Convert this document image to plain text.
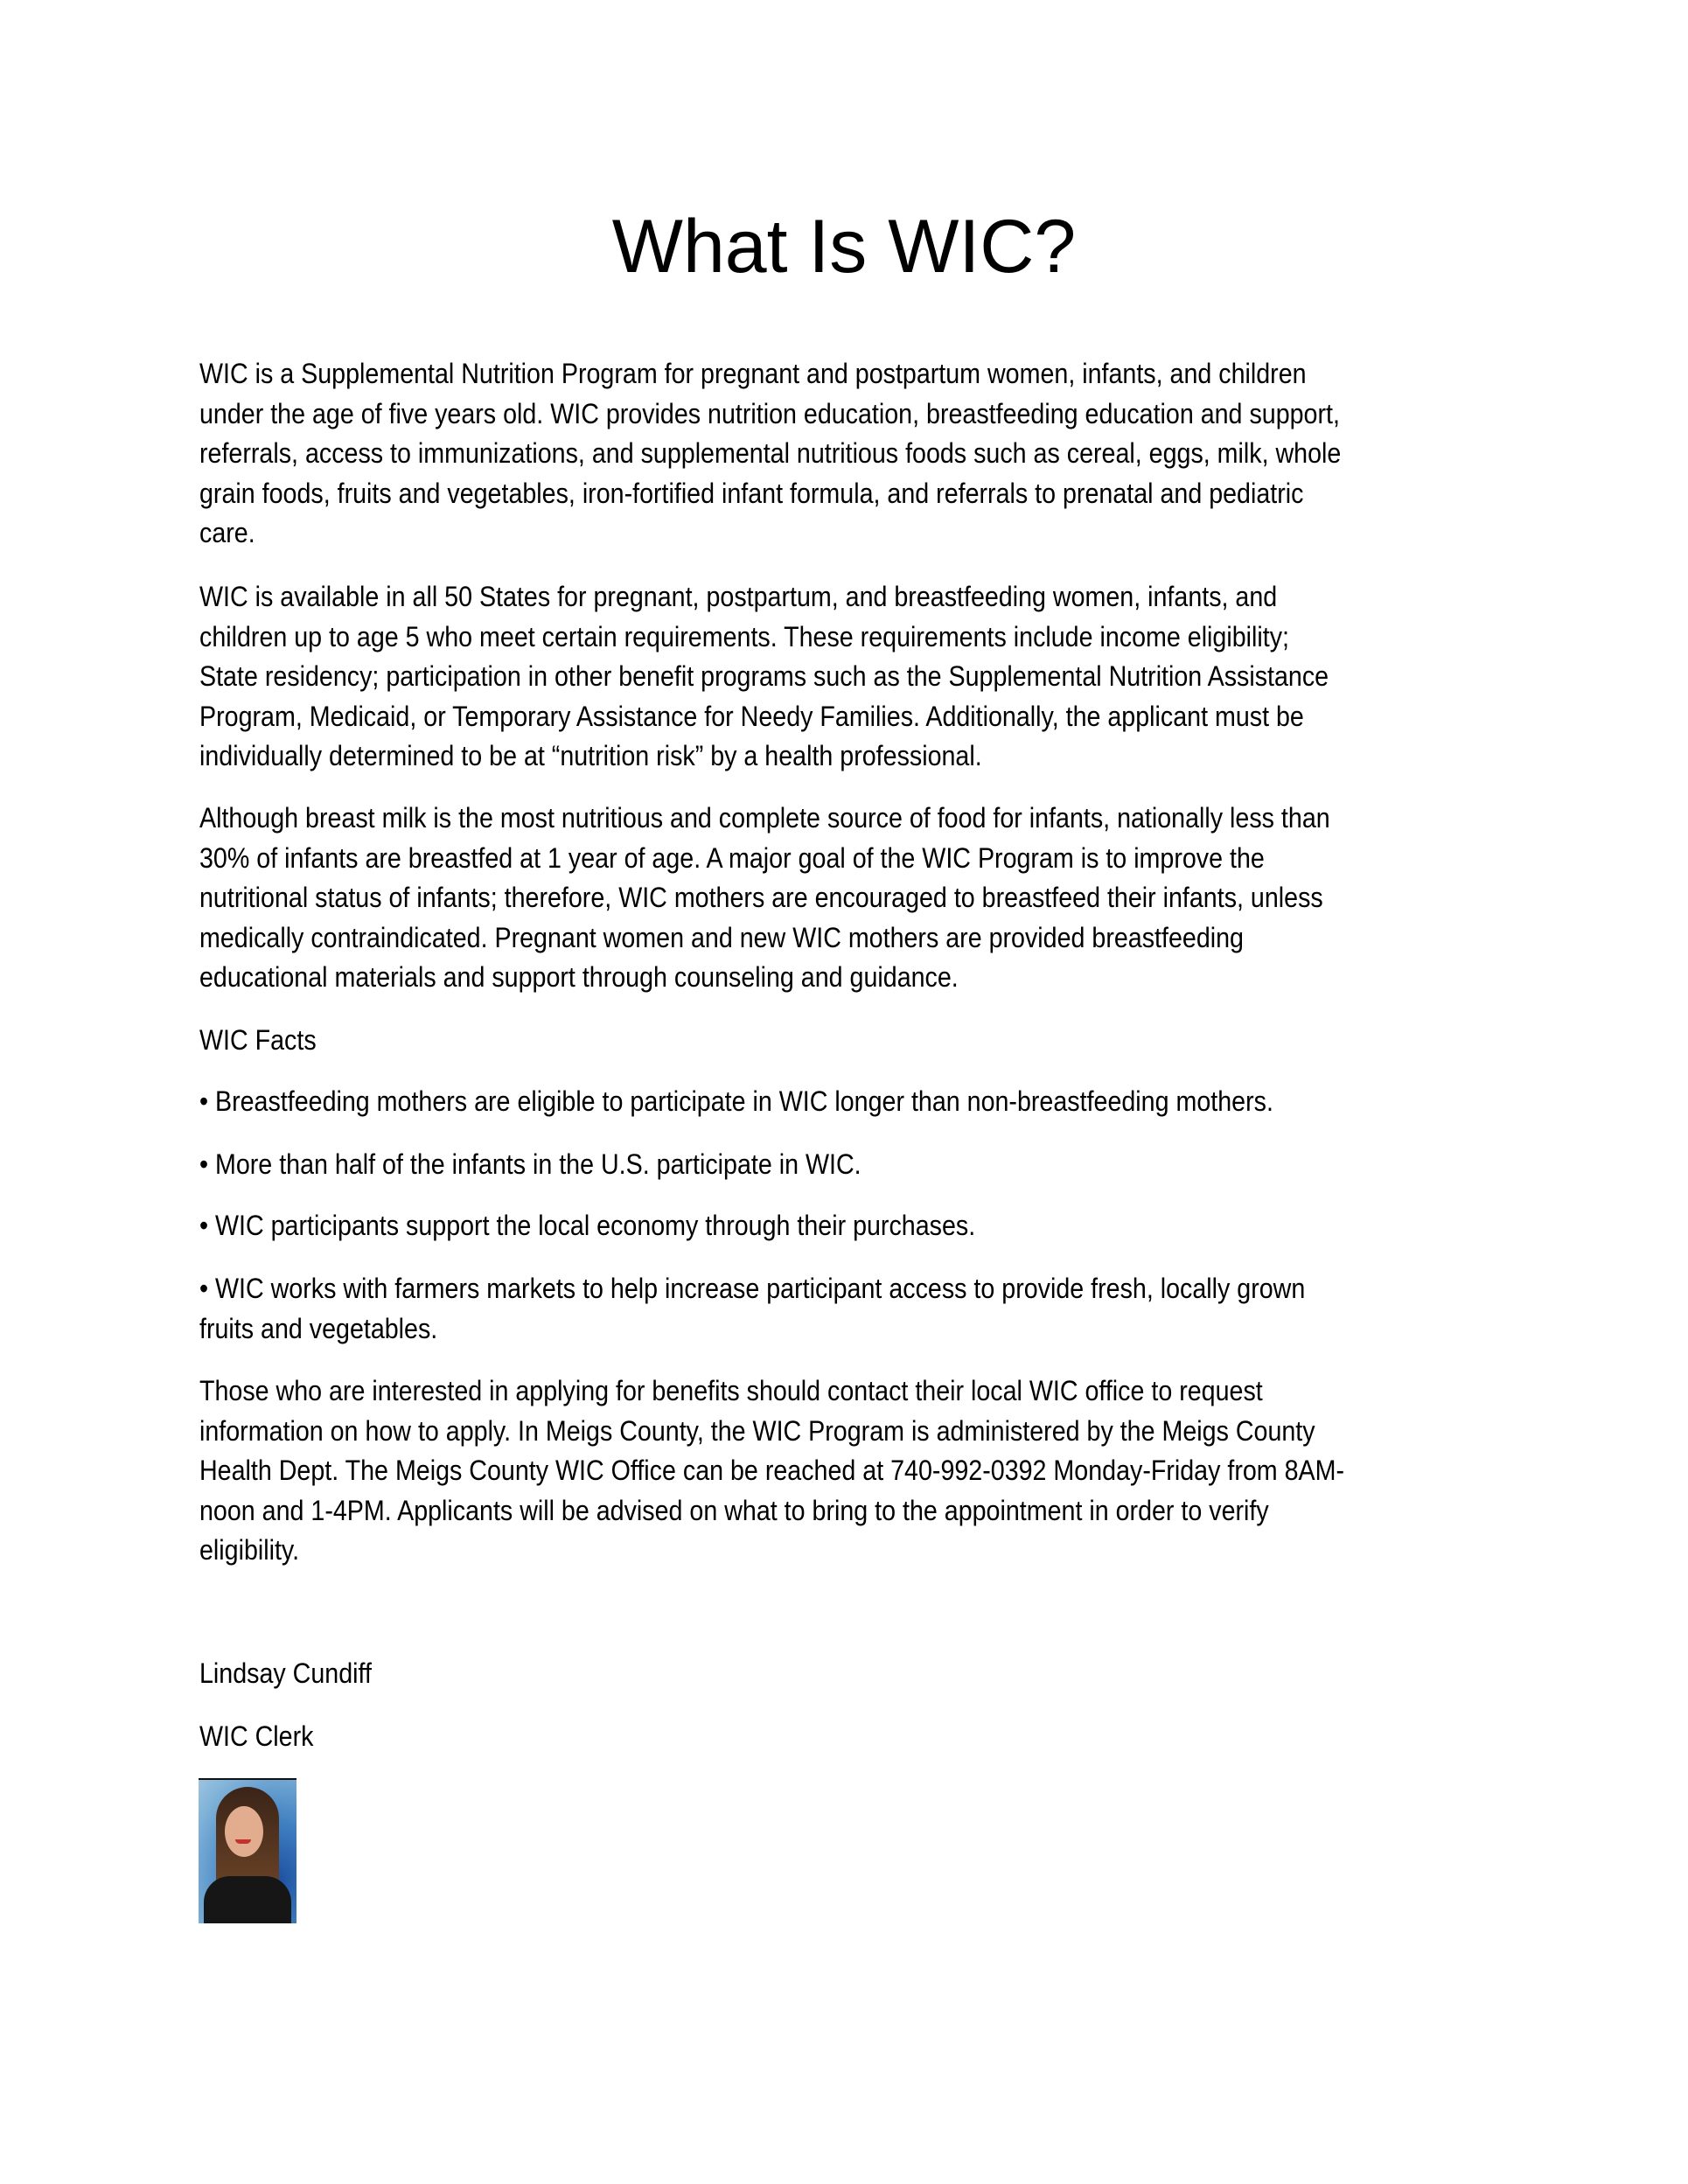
What Is WIC?
WIC is a Supplemental Nutrition Program for pregnant and postpartum women, infants, and children
under the age of five years old. WIC provides nutrition education, breastfeeding education and support,
referrals, access to immunizations, and supplemental nutritious foods such as cereal, eggs, milk, whole
grain foods, fruits and vegetables, iron-fortified infant formula, and referrals to prenatal and pediatric
care.
WIC is available in all 50 States for pregnant, postpartum, and breastfeeding women, infants, and
children up to age 5 who meet certain requirements. These requirements include income eligibility;
State residency; participation in other benefit programs such as the Supplemental Nutrition Assistance
Program, Medicaid, or Temporary Assistance for Needy Families. Additionally, the applicant must be
individually determined to be at “nutrition risk” by a health professional.
Although breast milk is the most nutritious and complete source of food for infants, nationally less than
30% of infants are breastfed at 1 year of age. A major goal of the WIC Program is to improve the
nutritional status of infants; therefore, WIC mothers are encouraged to breastfeed their infants, unless
medically contraindicated. Pregnant women and new WIC mothers are provided breastfeeding
educational materials and support through counseling and guidance.
WIC Facts
• Breastfeeding mothers are eligible to participate in WIC longer than non-breastfeeding mothers.
• More than half of the infants in the U.S. participate in WIC.
• WIC participants support the local economy through their purchases.
• WIC works with farmers markets to help increase participant access to provide fresh, locally grown
fruits and vegetables.
Those who are interested in applying for benefits should contact their local WIC office to request
information on how to apply. In Meigs County, the WIC Program is administered by the Meigs County
Health Dept. The Meigs County WIC Office can be reached at 740-992-0392 Monday-Friday from 8AM-
noon and 1-4PM. Applicants will be advised on what to bring to the appointment in order to verify
eligibility.
Lindsay Cundiff
WIC Clerk
